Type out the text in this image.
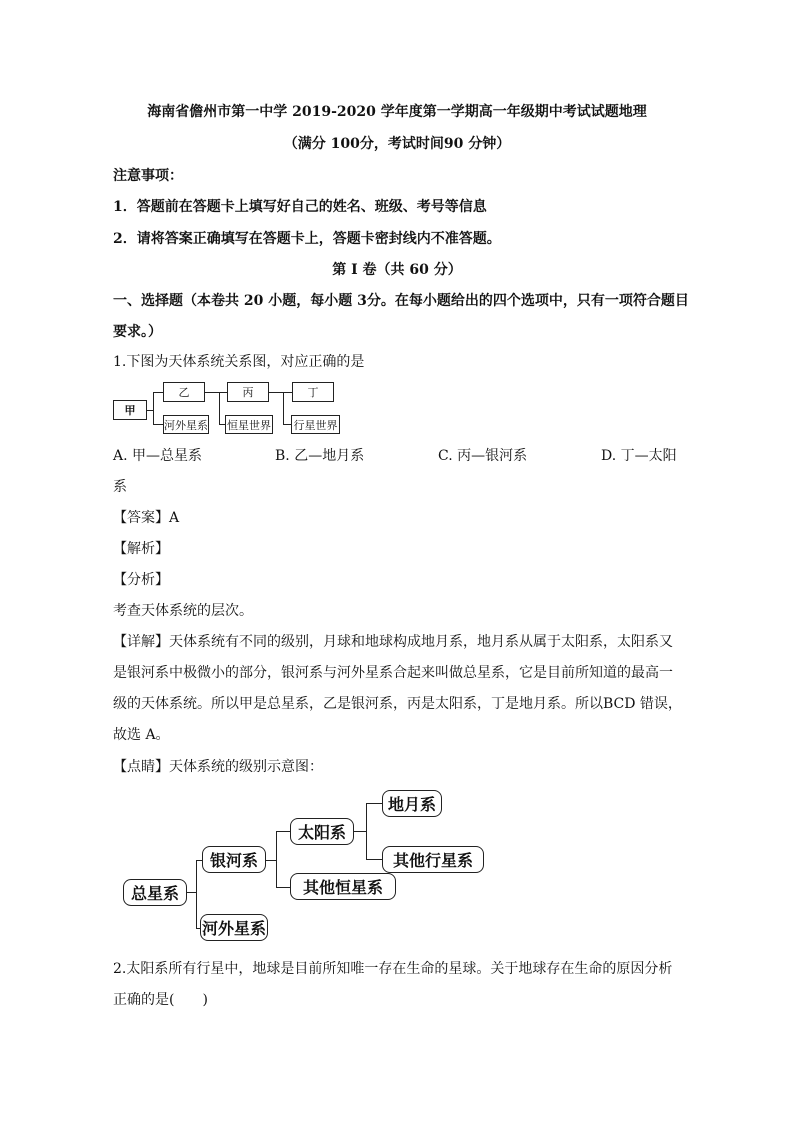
海南省儋州市第一中学 2019-2020 学年度第一学期高一年级期中考试试题地理
（满分 100分，考试时间90 分钟）
注意事项：
1．答题前在答题卡上填写好自己的姓名、班级、考号等信息
2．请将答案正确填写在答题卡上，答题卡密封线内不准答题。
第 I 卷（共 60 分）
一、选择题（本卷共 20 小题，每小题 3分。在每小题给出的四个选项中，只有一项符合题目
要求。）
1.下图为天体系统关系图，对应正确的是
甲
乙
河外星系
丙
恒星世界
丁
行星世界
A. 甲—总星系	B. 乙—地月系	C. 丙—银河系	D. 丁—太阳
系
【答案】A
【解析】
【分析】
考查天体系统的层次。
【详解】天体系统有不同的级别，月球和地球构成地月系，地月系从属于太阳系，太阳系又
是银河系中极微小的部分，银河系与河外星系合起来叫做总星系，它是目前所知道的最高一
级的天体系统。所以甲是总星系，乙是银河系，丙是太阳系，丁是地月系。所以BCD 错误，
故选 A。
【点睛】天体系统的级别示意图：
总星系
银河系
河外星系
太阳系
其他恒星系
地月系
其他行星系
2.太阳系所有行星中，地球是目前所知唯一存在生命的星球。关于地球存在生命的原因分析
正确的是(　　)
